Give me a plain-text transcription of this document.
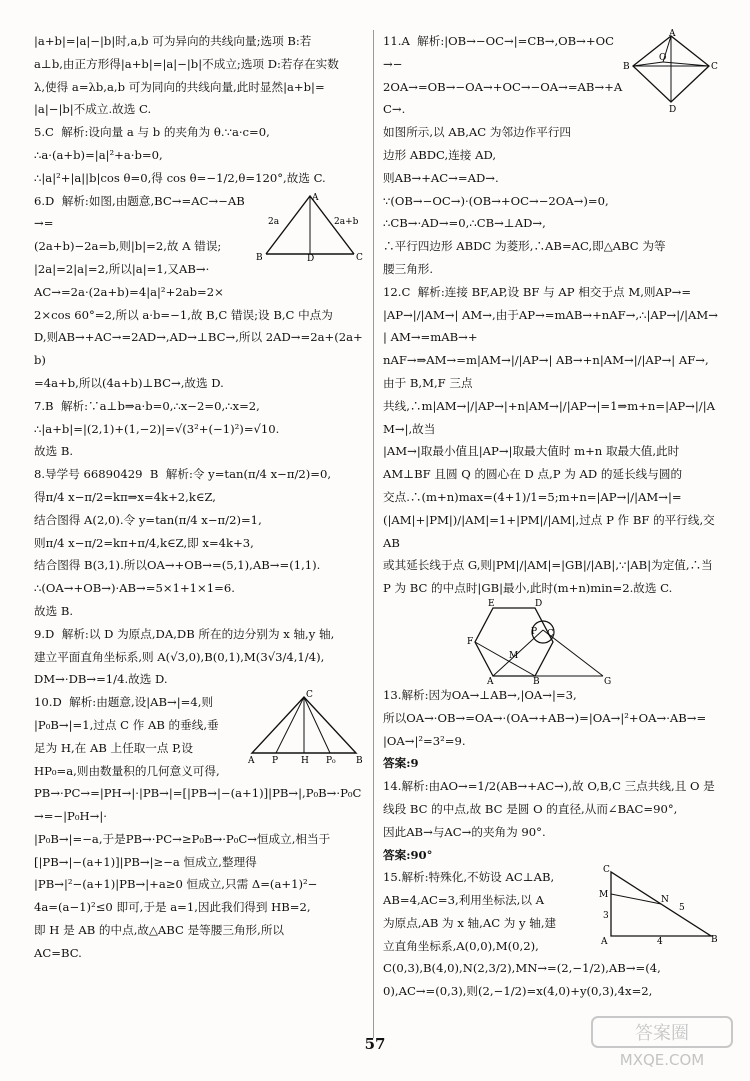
|a+b|=|a|−|b|时,a,b 可为异向的共线向量;选项 B:若

a⊥b,由正方形得|a+b|=|a|−|b|不成立;选项 D:若存在实数

λ,使得 a=λb,a,b 可为同向的共线向量,此时显然|a+b|=

|a|−|b|不成立.故选 C.

5.C  解析:设向量 a 与 b 的夹角为 θ.∵a·c=0,

∴a·(a+b)=|a|²+a·b=0,

∴|a|²+|a||b|cos θ=0,得 cos θ=−1/2,θ=120°,故选 C.

A
B	C
D
2a	2a+b

6.D  解析:如图,由题意,BC→=AC→−AB→=

(2a+b)−2a=b,则|b|=2,故 A 错误;

|2a|=2|a|=2,所以|a|=1,又AB→·

AC→=2a·(2a+b)=4|a|²+2ab=2×

2×cos 60°=2,所以 a·b=−1,故 B,C 错误;设 B,C 中点为

D,则AB→+AC→=2AD→,AD→⊥BC→,所以 2AD→=2a+(2a+b)

=4a+b,所以(4a+b)⊥BC→,故选 D.

7.B  解析:∵a⊥b⇒a·b=0,∴x−2=0,∴x=2,

∴|a+b|=|(2,1)+(1,−2)|=√(3²+(−1)²)=√10.

故选 B.

8.导学号 66890429  B  解析:令 y=tan(π/4 x−π/2)=0,

得π/4 x−π/2=kπ⇒x=4k+2,k∈Z,

结合图得 A(2,0).令 y=tan(π/4 x−π/2)=1,

则π/4 x−π/2=kπ+π/4,k∈Z,即 x=4k+3,

结合图得 B(3,1).所以OA→+OB→=(5,1),AB→=(1,1).

∴(OA→+OB→)·AB→=5×1+1×1=6.

故选 B.

9.D  解析:以 D 为原点,DA,DB 所在的边分别为 x 轴,y 轴,

建立平面直角坐标系,则 A(√3,0),B(0,1),M(3√3/4,1/4),

DM→·DB→=1/4.故选 D.

C
A P	H P₀ B

10.D  解析:由题意,设|AB→|=4,则

|P₀B→|=1,过点 C 作 AB 的垂线,垂

足为 H,在 AB 上任取一点 P,设

HP₀=a,则由数量积的几何意义可得,

PB→·PC→=|PH→|·|PB→|=[|PB→|−(a+1)]|PB→|,P₀B→·P₀C→=−|P₀H→|·

|P₀B→|=−a,于是PB→·PC→≥P₀B→·P₀C→恒成立,相当于

[|PB→|−(a+1)]|PB→|≥−a 恒成立,整理得

|PB→|²−(a+1)|PB→|+a≥0 恒成立,只需 Δ=(a+1)²−

4a=(a−1)²≤0 即可,于是 a=1,因此我们得到 HB=2,

即 H 是 AB 的中点,故△ABC 是等腰三角形,所以

AC=BC.

A
B	C
O
D

11.A  解析:|OB→−OC→|=CB→,OB→+OC→−

2OA→=OB→−OA→+OC→−OA→=AB→+AC→.

如图所示,以 AB,AC 为邻边作平行四

边形 ABDC,连接 AD,

则AB→+AC→=AD→.

∵(OB→−OC→)·(OB→+OC→−2OA→)=0,

∴CB→·AD→=0,∴CB→⊥AD→,

∴平行四边形 ABDC 为菱形,∴AB=AC,即△ABC 为等

腰三角形.

12.C  解析:连接 BF,AP,设 BF 与 AP 相交于点 M,则AP→=

|AP→|/|AM→| AM→,由于AP→=mAB→+nAF→,∴|AP→|/|AM→| AM→=mAB→+

nAF→⇒AM→=m|AM→|/|AP→| AB→+n|AM→|/|AP→| AF→,由于 B,M,F 三点

共线,∴m|AM→|/|AP→|+n|AM→|/|AP→|=1⇒m+n=|AP→|/|AM→|,故当

|AM→|取最小值且|AP→|取最大值时 m+n 取最大值,此时

AM⊥BF 且圆 Q 的圆心在 D 点,P 为 AD 的延长线与圆的

交点.∴(m+n)max=(4+1)/1=5;m+n=|AP→|/|AM→|=

(|AM|+|PM|)/|AM|=1+|PM|/|AM|,过点 P 作 BF 的平行线,交 AB

或其延长线于点 G,则|PM|/|AM|=|GB|/|AB|,∵|AB|为定值,∴当

P 为 BC 的中点时|GB|最小,此时(m+n)min=2.故选 C.

E	D
F
C
P
M
A	B	G

13.解析:因为OA→⊥AB→,|OA→|=3,

所以OA→·OB→=OA→·(OA→+AB→)=|OA→|²+OA→·AB→=

|OA→|²=3²=9.

答案:9

14.解析:由AO→=1/2(AB→+AC→),故 O,B,C 三点共线,且 O 是

线段 BC 的中点,故 BC 是圆 O 的直径,从而∠BAC=90°,

因此AB→与AC→的夹角为 90°.

答案:90°

C
M	N
3
A	4
5
B

15.解析:特殊化,不妨设 AC⊥AB,

AB=4,AC=3,利用坐标法,以 A

为原点,AB 为 x 轴,AC 为 y 轴,建

立直角坐标系,A(0,0),M(0,2),

C(0,3),B(4,0),N(2,3/2),MN→=(2,−1/2),AB→=(4,

0),AC→=(0,3),则(2,−1/2)=x(4,0)+y(0,3),4x=2,

57	答案圈
MXQE.COM
